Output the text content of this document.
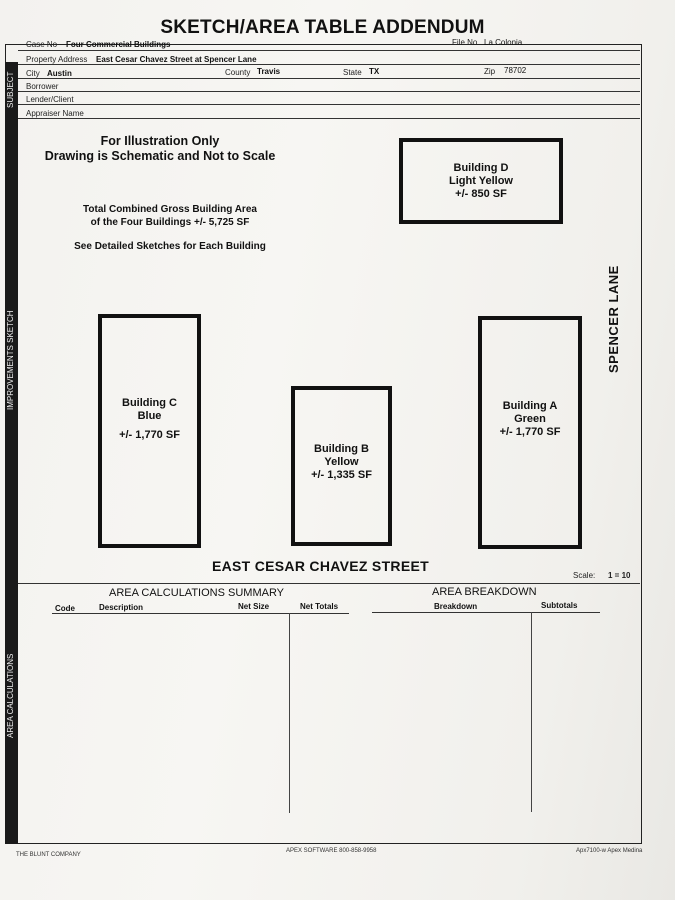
SKETCH/AREA TABLE ADDENDUM
SUBJECT
IMPROVEMENTS SKETCH
AREA CALCULATIONS
Case No Four Commercial Buildings	File No La Colonia
Property Address East Cesar Chavez Street at Spencer Lane
City Austin	County Travis	State TX	Zip 78702
Borrower
Lender/Client
Appraiser Name
For Illustration Only
Drawing is Schematic and Not to Scale
Total Combined Gross Building Area
of the Four Buildings +/- 5,725 SF
See Detailed Sketches for Each Building
Building D
Light Yellow
+/- 850 SF
Building C
Blue
+/- 1,770 SF
Building B
Yellow
+/- 1,335 SF
Building A
Green
+/- 1,770 SF
EAST CESAR CHAVEZ STREET
SPENCER LANE
Scale: 1 = 10
AREA CALCULATIONS SUMMARY
Code	Description	Net Size	Net Totals
AREA BREAKDOWN
Breakdown	Subtotals
THE BLUNT COMPANY
APEX SOFTWARE 800-858-9958	Apx7100-w Apex Medina
